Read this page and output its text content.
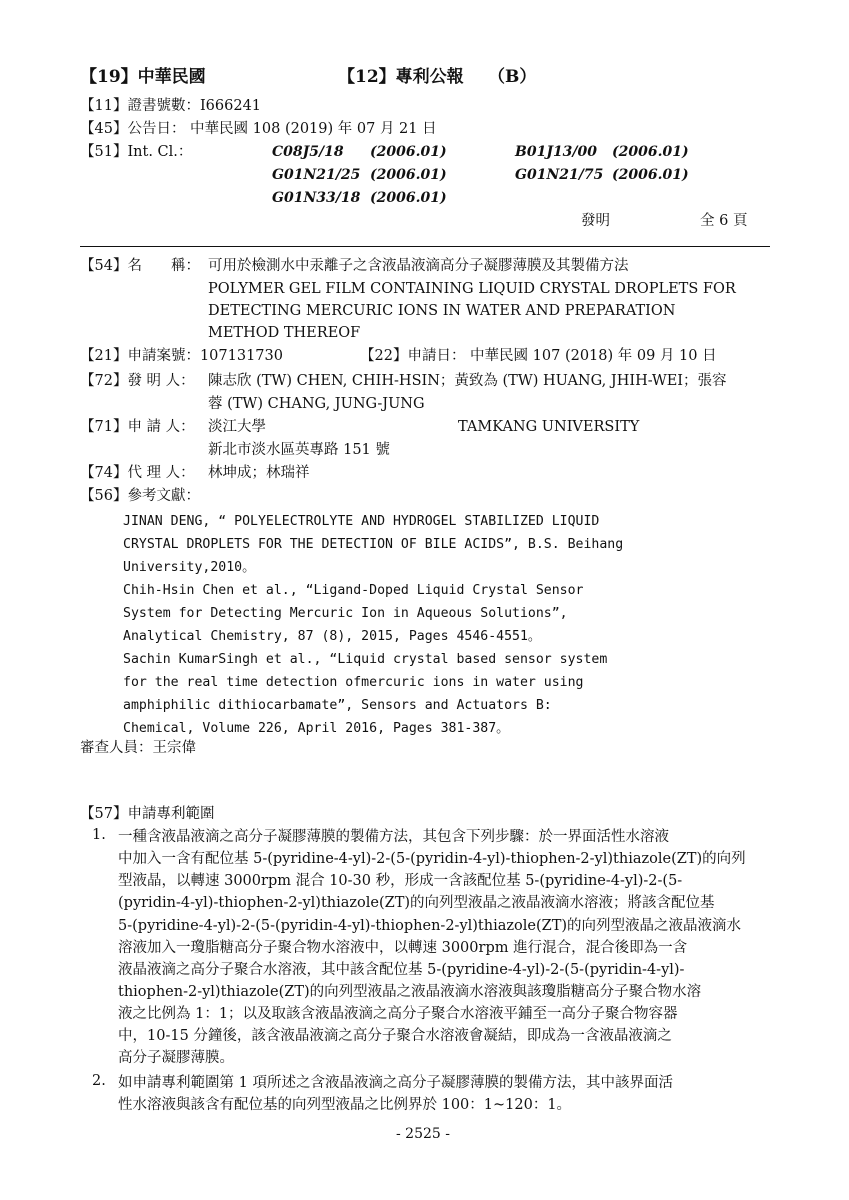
【19】中華民國	【12】專利公報 （B）
【11】證書號數：I666241
【45】公告日： 中華民國 108 (2019) 年 07 月 21 日
【51】Int. Cl.：	C08J5/18 (2006.01)	B01J13/00 (2006.01)
G01N21/25 (2006.01)	G01N21/75 (2006.01)
G01N33/18 (2006.01)
發明	全 6 頁
【54】名　　稱： 可用於檢測水中汞離子之含液晶液滴高分子凝膠薄膜及其製備方法
POLYMER GEL FILM CONTAINING LIQUID CRYSTAL DROPLETS FOR
DETECTING MERCURIC IONS IN WATER AND PREPARATION
METHOD THEREOF
【21】申請案號：107131730	【22】申請日： 中華民國 107 (2018) 年 09 月 10 日
【72】發 明 人： 陳志欣 (TW) CHEN, CHIH-HSIN；黃致為 (TW) HUANG, JHIH-WEI；張容
蓉 (TW) CHANG, JUNG-JUNG
【71】申 請 人： 淡江大學	TAMKANG UNIVERSITY
新北市淡水區英專路 151 號
【74】代 理 人： 林坤成；林瑞祥
【56】參考文獻：
JINAN DENG, “ POLYELECTROLYTE AND HYDROGEL STABILIZED LIQUID
CRYSTAL DROPLETS FOR THE DETECTION OF BILE ACIDS”, B.S. Beihang
University,2010。
Chih-Hsin Chen et al., “Ligand-Doped Liquid Crystal Sensor
System for Detecting Mercuric Ion in Aqueous Solutions”,
Analytical Chemistry, 87 (8), 2015, Pages 4546-4551。
Sachin KumarSingh et al., “Liquid crystal based sensor system
for the real time detection ofmercuric ions in water using
amphiphilic dithiocarbamate”, Sensors and Actuators B:
Chemical, Volume 226, April 2016, Pages 381-387。
審查人員：王宗偉
【57】申請專利範圍
1. 一種含液晶液滴之高分子凝膠薄膜的製備方法，其包含下列步驟：於一界面活性水溶液
中加入一含有配位基 5-(pyridine-4-yl)-2-(5-(pyridin-4-yl)-thiophen-2-yl)thiazole(ZT)的向列
型液晶，以轉速 3000rpm 混合 10-30 秒，形成一含該配位基 5-(pyridine-4-yl)-2-(5-
(pyridin-4-yl)-thiophen-2-yl)thiazole(ZT)的向列型液晶之液晶液滴水溶液；將該含配位基
5-(pyridine-4-yl)-2-(5-(pyridin-4-yl)-thiophen-2-yl)thiazole(ZT)的向列型液晶之液晶液滴水
溶液加入一瓊脂糖高分子聚合物水溶液中，以轉速 3000rpm 進行混合，混合後即為一含
液晶液滴之高分子聚合水溶液，其中該含配位基 5-(pyridine-4-yl)-2-(5-(pyridin-4-yl)-
thiophen-2-yl)thiazole(ZT)的向列型液晶之液晶液滴水溶液與該瓊脂糖高分子聚合物水溶
液之比例為 1：1；以及取該含液晶液滴之高分子聚合水溶液平鋪至一高分子聚合物容器
中，10-15 分鐘後，該含液晶液滴之高分子聚合水溶液會凝結，即成為一含液晶液滴之
高分子凝膠薄膜。
2. 如申請專利範圍第 1 項所述之含液晶液滴之高分子凝膠薄膜的製備方法，其中該界面活
性水溶液與該含有配位基的向列型液晶之比例界於 100：1~120：1。
- 2525 -
